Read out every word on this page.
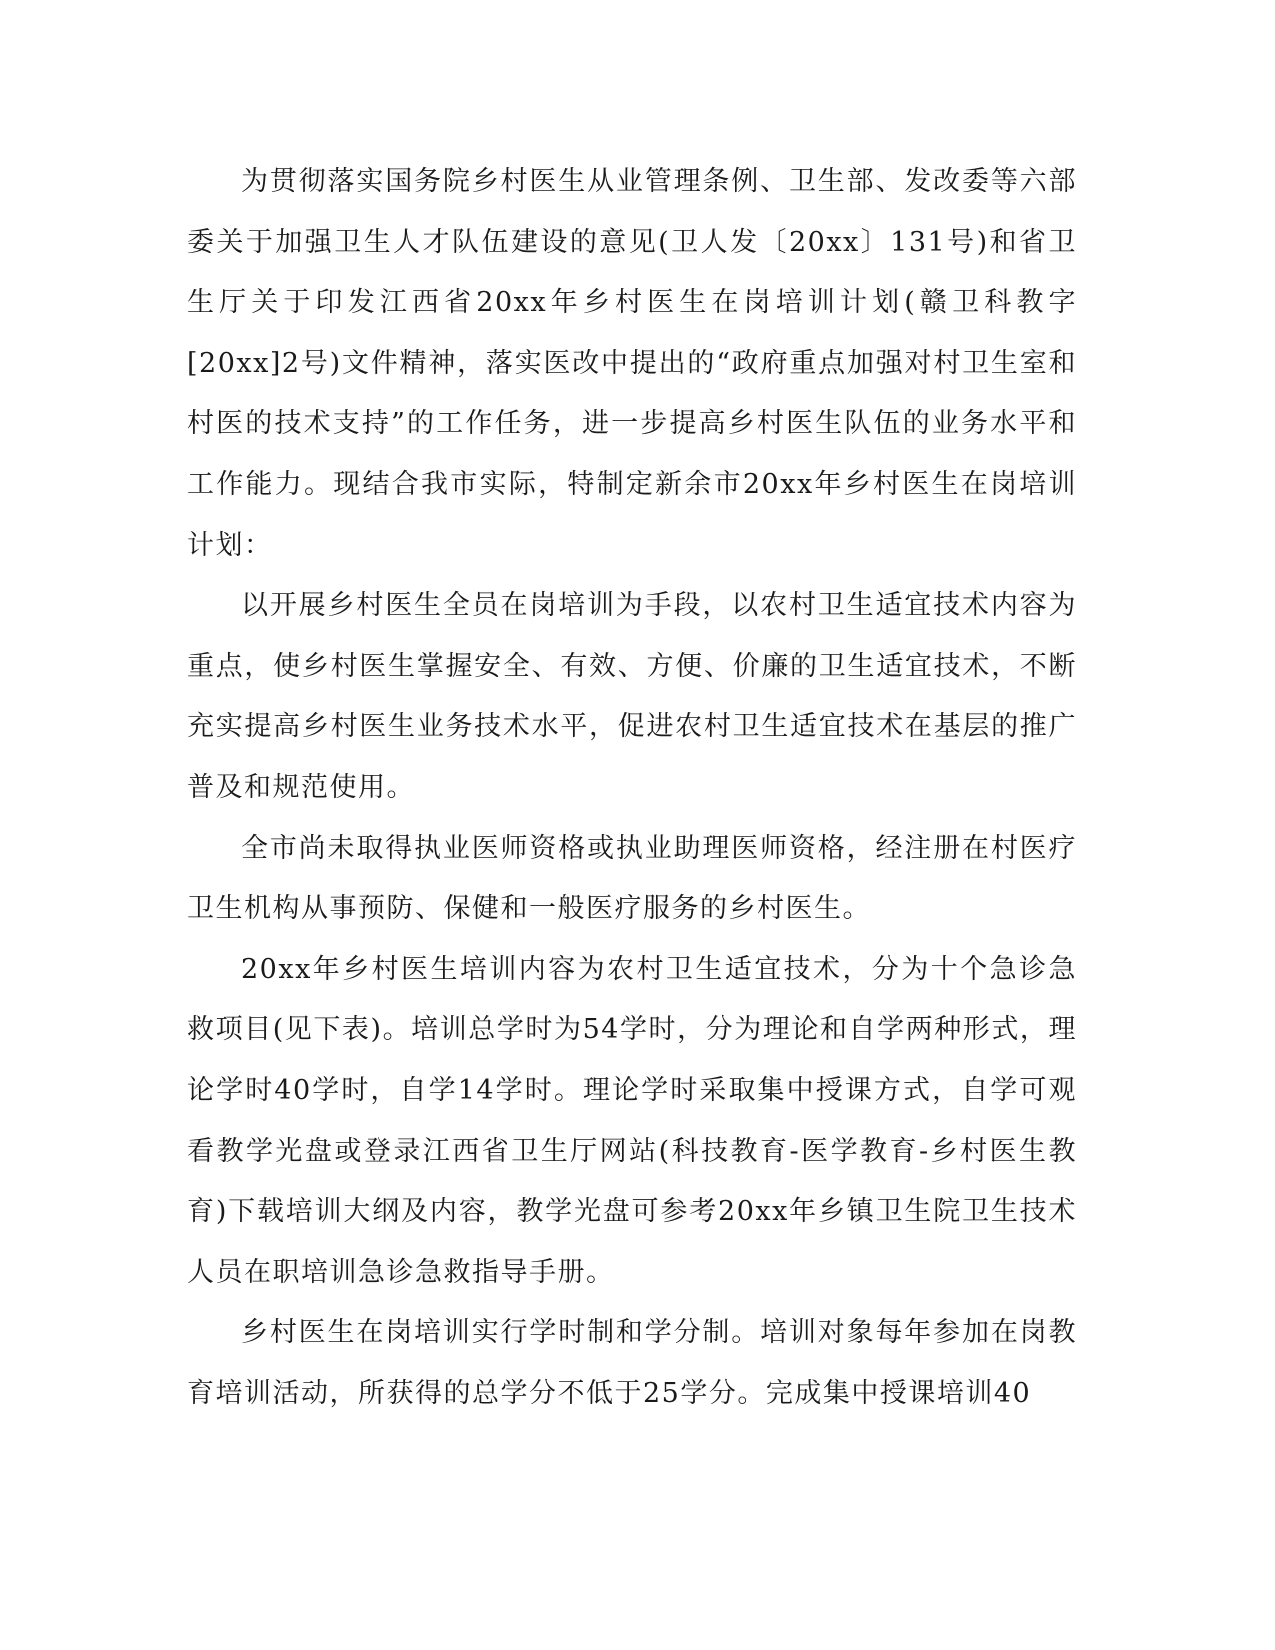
为贯彻落实国务院乡村医生从业管理条例、卫生部、发改委等六部委关于加强卫生人才队伍建设的意见(卫人发〔20xx〕131号)和省卫生厅关于印发江西省20xx年乡村医生在岗培训计划(赣卫科教字[20xx]2号)文件精神，落实医改中提出的“政府重点加强对村卫生室和村医的技术支持”的工作任务，进一步提高乡村医生队伍的业务水平和工作能力。现结合我市实际，特制定新余市20xx年乡村医生在岗培训计划：

以开展乡村医生全员在岗培训为手段，以农村卫生适宜技术内容为重点，使乡村医生掌握安全、有效、方便、价廉的卫生适宜技术，不断充实提高乡村医生业务技术水平，促进农村卫生适宜技术在基层的推广普及和规范使用。

全市尚未取得执业医师资格或执业助理医师资格，经注册在村医疗卫生机构从事预防、保健和一般医疗服务的乡村医生。

20xx年乡村医生培训内容为农村卫生适宜技术，分为十个急诊急救项目(见下表)。培训总学时为54学时，分为理论和自学两种形式，理论学时40学时，自学14学时。理论学时采取集中授课方式，自学可观看教学光盘或登录江西省卫生厅网站(科技教育-医学教育-乡村医生教育)下载培训大纲及内容，教学光盘可参考20xx年乡镇卫生院卫生技术人员在职培训急诊急救指导手册。

乡村医生在岗培训实行学时制和学分制。培训对象每年参加在岗教育培训活动，所获得的总学分不低于25学分。完成集中授课培训40
